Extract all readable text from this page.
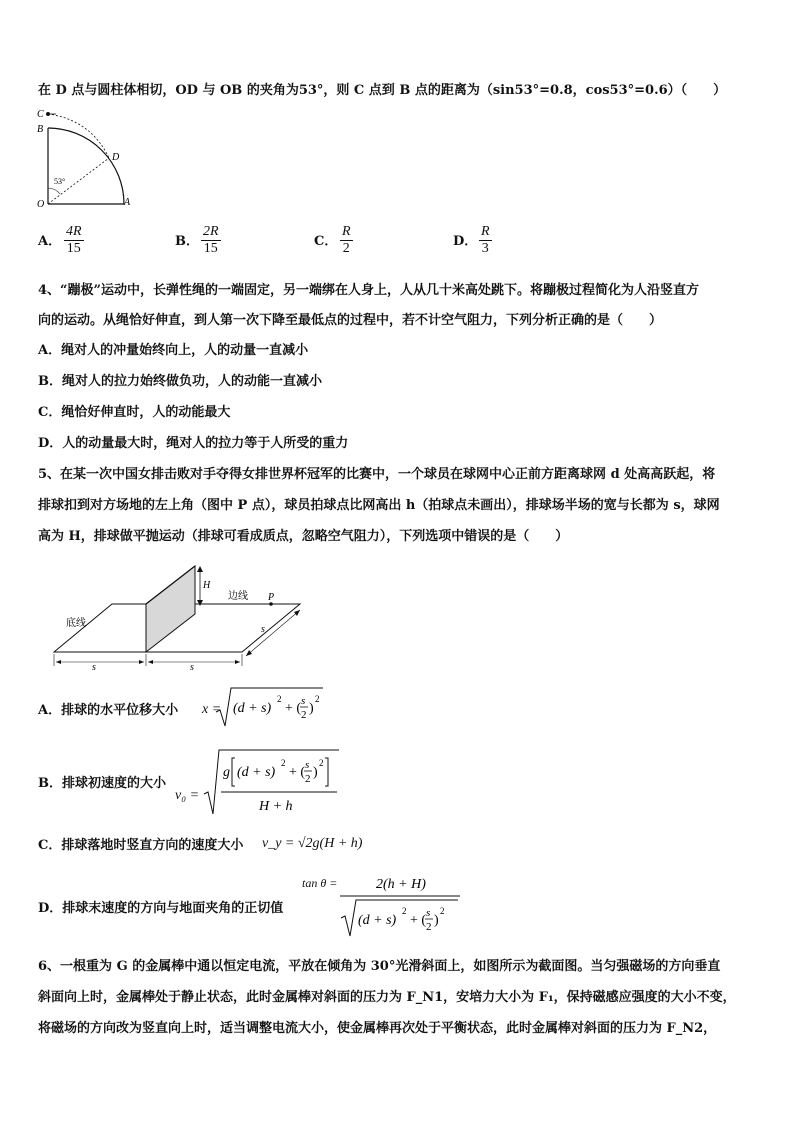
在 D 点与圆柱体相切，OD 与 OB 的夹角为53°，则 C 点到 B 点的距离为（sin53°=0.8，cos53°=0.6）（　　）
C
B
D
O	A
53°
A． $\frac{4R}{15}$	B． $\frac{2R}{15}$	C． $\frac{R}{2}$	D． $\frac{R}{3}$
4、“蹦极”运动中，长弹性绳的一端固定，另一端绑在人身上，人从几十米高处跳下。将蹦极过程简化为人沿竖直方
向的运动。从绳恰好伸直，到人第一次下降至最低点的过程中，若不计空气阻力，下列分析正确的是（　　）
A．绳对人的冲量始终向上，人的动量一直减小
B．绳对人的拉力始终做负功，人的动能一直减小
C．绳恰好伸直时，人的动能最大
D．人的动量最大时，绳对人的拉力等于人所受的重力
5、在某一次中国女排击败对手夺得女排世界杯冠军的比赛中，一个球员在球网中心正前方距离球网 d 处高高跃起，将
排球扣到对方场地的左上角（图中 P 点），球员拍球点比网高出 h（拍球点未画出），排球场半场的宽与长都为 s，球网
高为 H，排球做平抛运动（排球可看成质点，忽略空气阻力），下列选项中错误的是（　　）
H
P
边线
底线
s	s
s
A．排球的水平位移大小 x = (d + s)
2
+ ( s
2 )
2
B．排球初速度的大小
v₀ =
g (d + s)
2
+ ( s
2 )
2
H + h
C．排球落地时竖直方向的速度大小 v_y = √2g(H + h)
D．排球末速度的方向与地面夹角的正切值
tan θ =	2(h + H)
(d + s)
2
+ ( s
2 )
2
6、一根重为 G 的金属棒中通以恒定电流，平放在倾角为 30°光滑斜面上，如图所示为截面图。当匀强磁场的方向垂直
斜面向上时，金属棒处于静止状态，此时金属棒对斜面的压力为 F_N1，安培力大小为 F₁，保持磁感应强度的大小不变，
将磁场的方向改为竖直向上时，适当调整电流大小，使金属棒再次处于平衡状态，此时金属棒对斜面的压力为 F_N2，
